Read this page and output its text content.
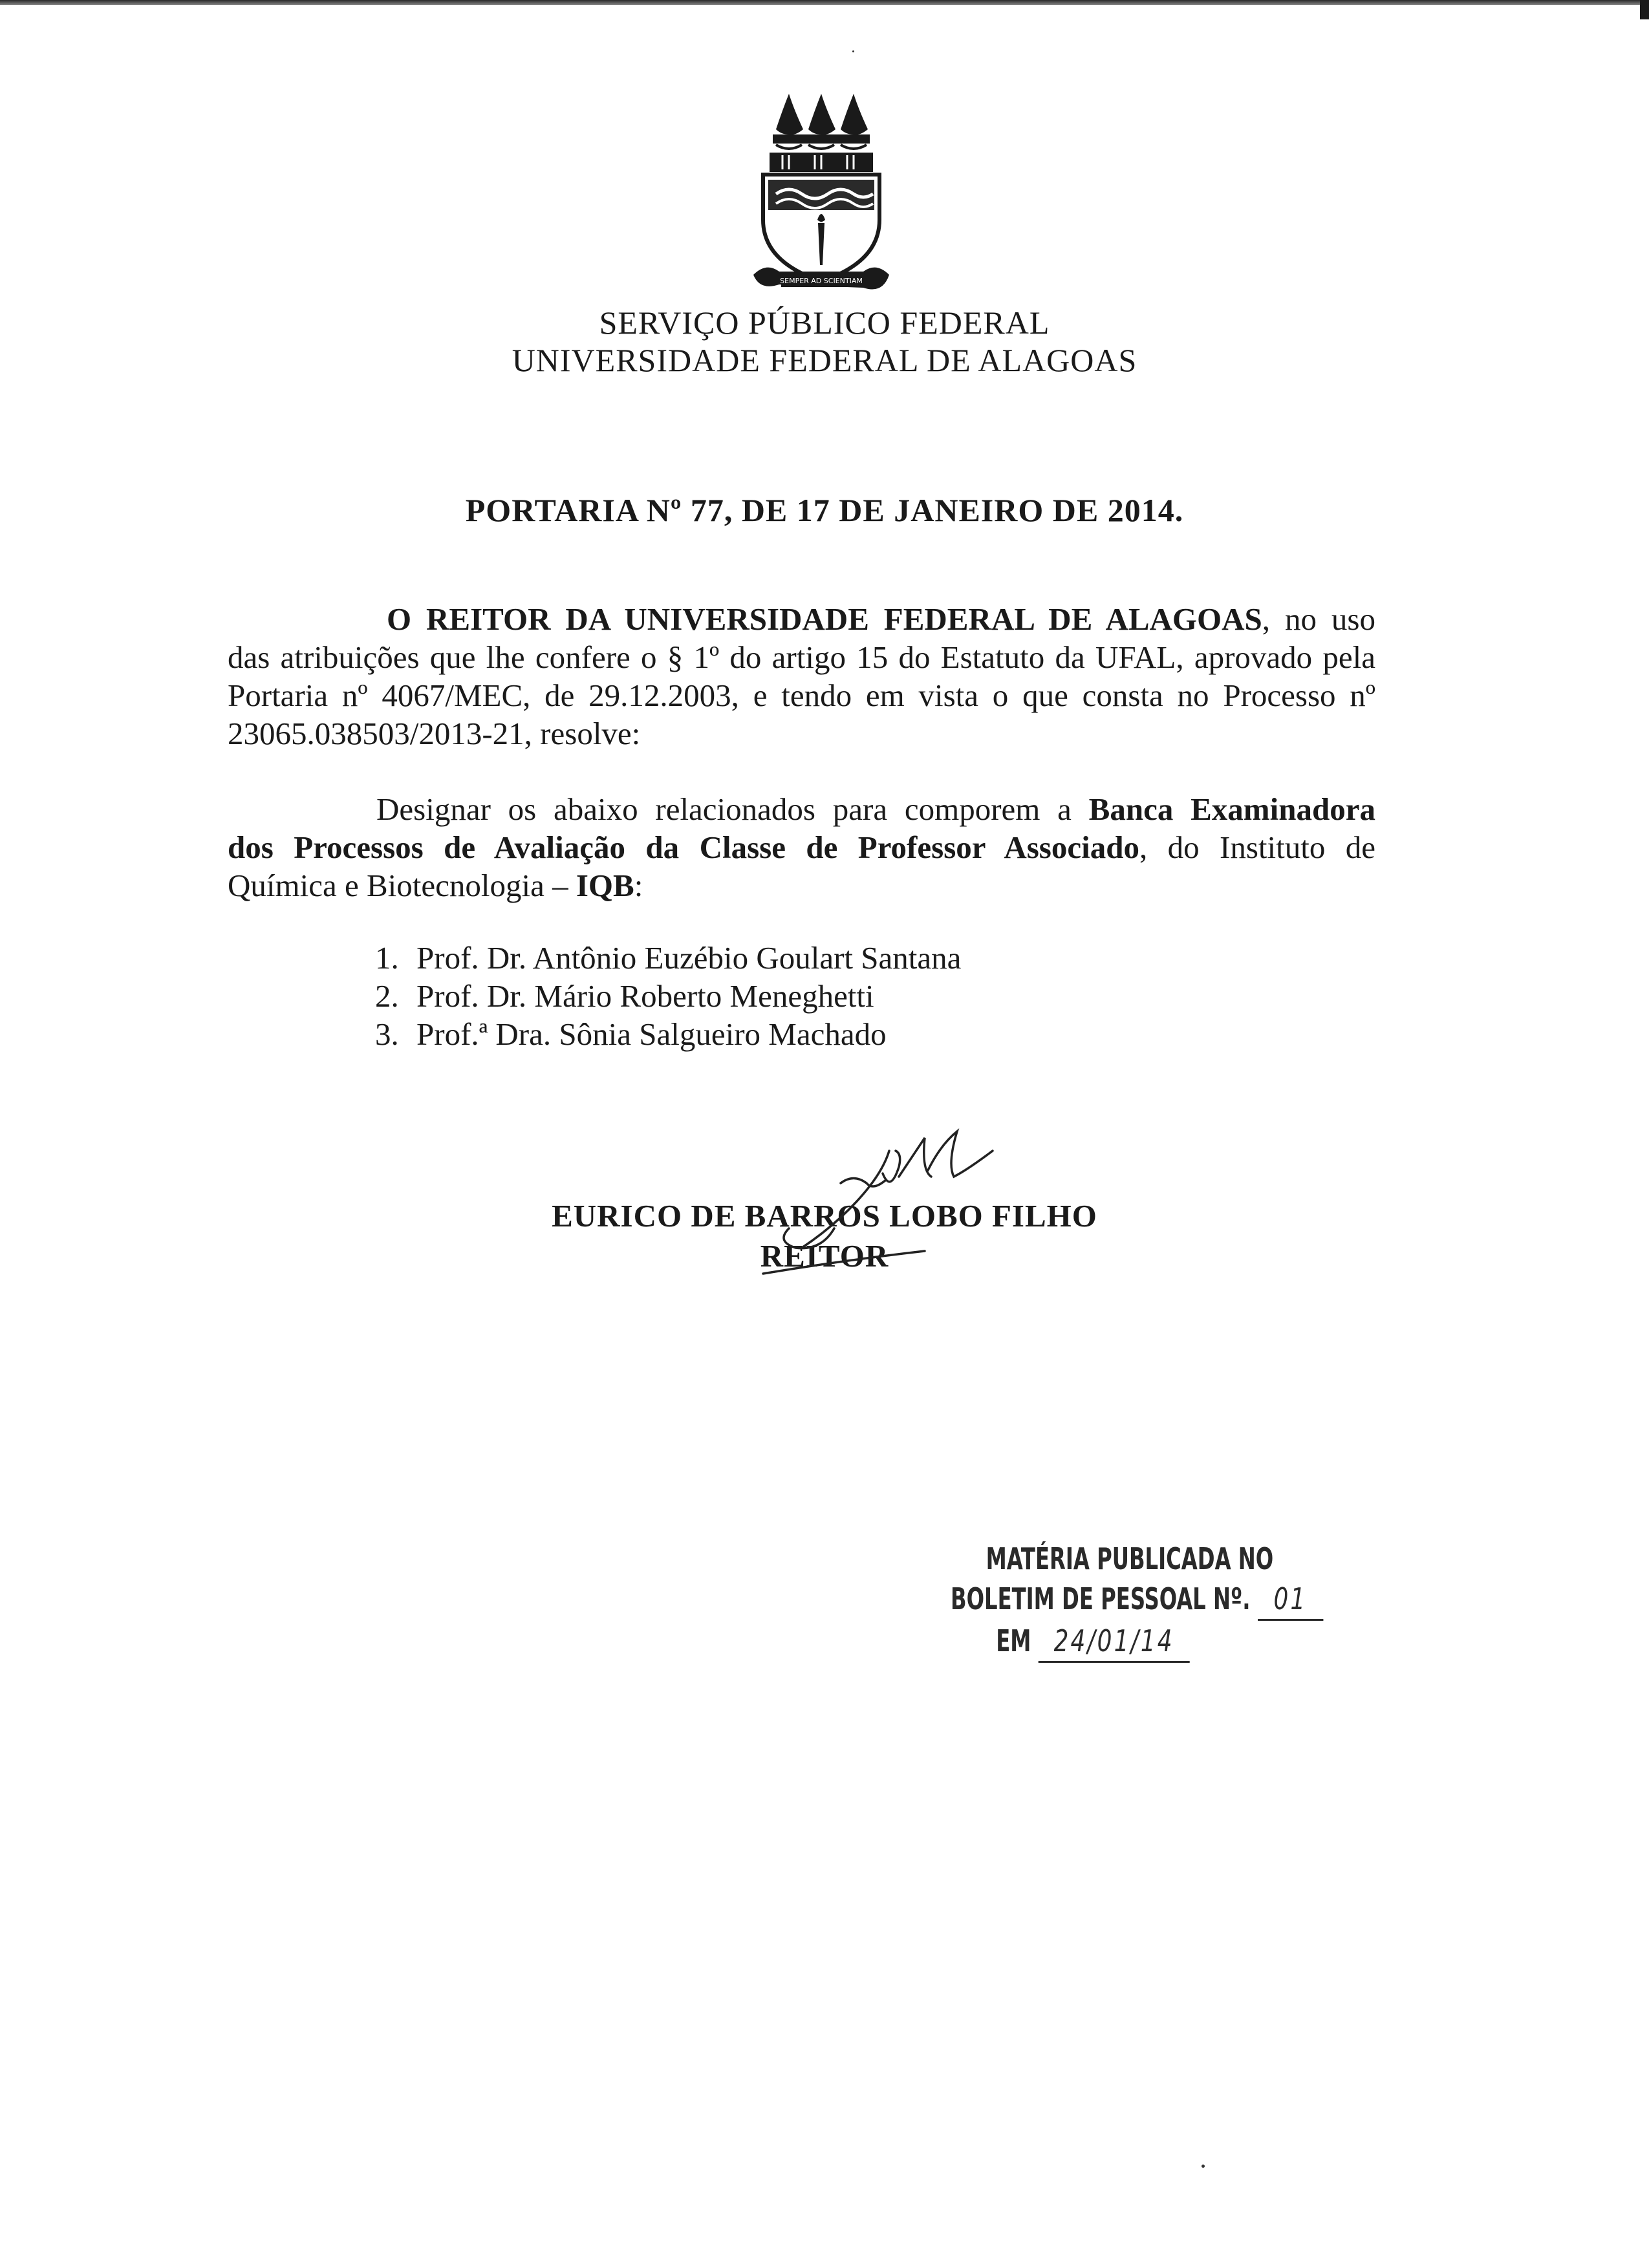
SEMPER AD SCIENTIAM
SERVIÇO PÚBLICO FEDERAL
UNIVERSIDADE FEDERAL DE ALAGOAS
PORTARIA Nº 77, DE 17 DE JANEIRO DE 2014.
O REITOR DA UNIVERSIDADE FEDERAL DE ALAGOAS, no uso
das atribuições que lhe confere o § 1º do artigo 15 do Estatuto da UFAL, aprovado pela
Portaria nº 4067/MEC, de 29.12.2003, e tendo em vista o que consta no Processo nº
23065.038503/2013-21, resolve:
Designar os abaixo relacionados para comporem a Banca Examinadora
dos Processos de Avaliação da Classe de Professor Associado, do Instituto de
Química e Biotecnologia – IQB:
1. Prof. Dr. Antônio Euzébio Goulart Santana
2. Prof. Dr. Mário Roberto Meneghetti
3. Prof.ª Dra. Sônia Salgueiro Machado
EURICO DE BARROS LOBO FILHO
REITOR
MATÉRIA PUBLICADA NO
BOLETIM DE PESSOAL Nº. 01
EM 24/01/14
